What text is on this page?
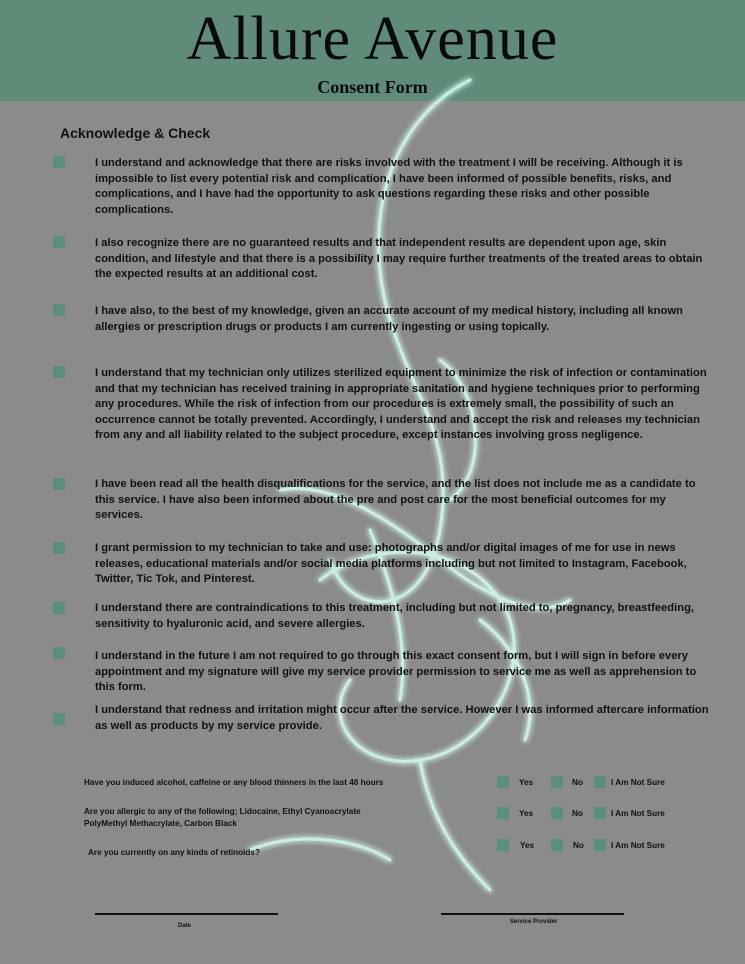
Allure Avenue
Consent Form
Acknowledge & Check
I understand and acknowledge that there are risks involved with the treatment I will be receiving. Although it is impossible to list every potential risk and complication, I have been informed of possible benefits, risks, and complications, and I have had the opportunity to ask questions regarding these risks and other possible complications.
I also recognize there are no guaranteed results and that independent results are dependent upon age, skin condition, and lifestyle and that there is a possibility I may require further treatments of the treated areas to obtain the expected results at an additional cost.
I have also, to the best of my knowledge, given an accurate account of my medical history, including all known allergies or prescription drugs or products I am currently ingesting or using topically.
I understand that my technician only utilizes sterilized equipment to minimize the risk of infection or contamination and that my technician has received training in appropriate sanitation and hygiene techniques prior to performing any procedures. While the risk of infection from our procedures is extremely small, the possibility of such an occurrence cannot be totally prevented. Accordingly, I understand and accept the risk and releases my technician from any and all liability related to the subject procedure, except instances involving gross negligence.
I have been read all the health disqualifications for the service, and the list does not include me as a candidate to this service. I have also been informed about the pre and post care for the most beneficial outcomes for my services.
I grant permission to my technician to take and use: photographs and/or digital images of me for use in news releases, educational materials and/or social media platforms including but not limited to Instagram, Facebook, Twitter, Tic Tok, and Pinterest.
I understand there are contraindications to this treatment, including but not limited to, pregnancy, breastfeeding, sensitivity to hyaluronic acid, and severe allergies.
I understand in the future I am not required to go through this exact consent form, but I will sign in before every appointment and my signature will give my service provider permission to service me as well as apprehension to this form.
I understand that redness and irritation might occur after the service. However I was informed aftercare information as well as products by my service provide.
Have you induced alcohol, caffeine or any blood thinners in the last 48 hours	Yes	No	I Am Not Sure
Are you allergic to any of the following; Lidocaine, Ethyl Cyanoacrylate PolyMethyl Methacrylate, Carbon Black
Yes	No	I Am Not Sure
Are you currently on any kinds of retinoids?
Yes	No	I Am Not Sure
Date
Service Provider
